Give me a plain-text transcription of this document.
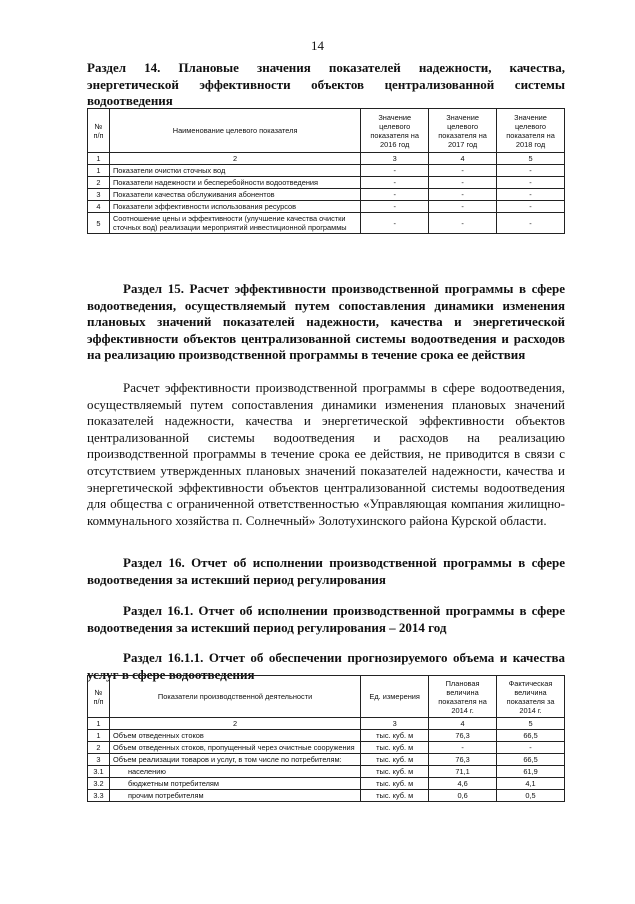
14

Раздел 14. Плановые значения показателей надежности, качества, энергетической эффективности объектов централизованной системы водоотведения

№ п/п	Наименование целевого показателя	Значение целевого показателя на 2016 год	Значение целевого показателя на 2017 год	Значение целевого показателя на 2018 год
1	2	3	4	5
1	Показатели очистки сточных вод	-	-	-
2	Показатели надежности и бесперебойности водоотведения	-	-	-
3	Показатели качества обслуживания абонентов	-	-	-
4	Показатели эффективности использования ресурсов	-	-	-
5	Соотношение цены и эффективности (улучшение качества очистки сточных вод) реализации мероприятий инвестиционной программы	-	-	-

Раздел 15. Расчет эффективности производственной программы в сфере водоотведения, осуществляемый путем сопоставления динамики изменения плановых значений показателей надежности, качества и энергетической эффективности объектов централизованной системы водоотведения и расходов на реализацию производственной программы в течение срока ее действия

Расчет эффективности производственной программы в сфере водоотведения, осуществляемый путем сопоставления динамики изменения плановых значений показателей надежности, качества и энергетической эффективности объектов централизованной системы водоотведения и расходов на реализацию производственной программы в течение срока ее действия, не приводится в связи с отсутствием утвержденных плановых значений показателей надежности, качества и энергетической эффективности объектов централизованной системы водоотведения для общества с ограниченной ответственностью «Управляющая компания жилищно-коммунального хозяйства п. Солнечный» Золотухинского района Курской области.

Раздел 16. Отчет об исполнении производственной программы в сфере водоотведения за истекший период регулирования

Раздел 16.1. Отчет об исполнении производственной программы в сфере водоотведения за истекший период регулирования – 2014 год

Раздел 16.1.1. Отчет об обеспечении прогнозируемого объема и качества услуг в сфере водоотведения

№ п/п	Показатели производственной деятельности	Ед. измерения	Плановая величина показателя на 2014 г.	Фактическая величина показателя за 2014 г.
1	2	3	4	5
1	Объем отведенных стоков	тыс. куб. м	76,3	66,5
2	Объем отведенных стоков, пропущенный через очистные сооружения	тыс. куб. м	-	-
3	Объем реализации товаров и услуг, в том числе по потребителям:	тыс. куб. м	76,3	66,5
3.1	населению	тыс. куб. м	71,1	61,9
3.2	бюджетным потребителям	тыс. куб. м	4,6	4,1
3.3	прочим потребителям	тыс. куб. м	0,6	0,5
